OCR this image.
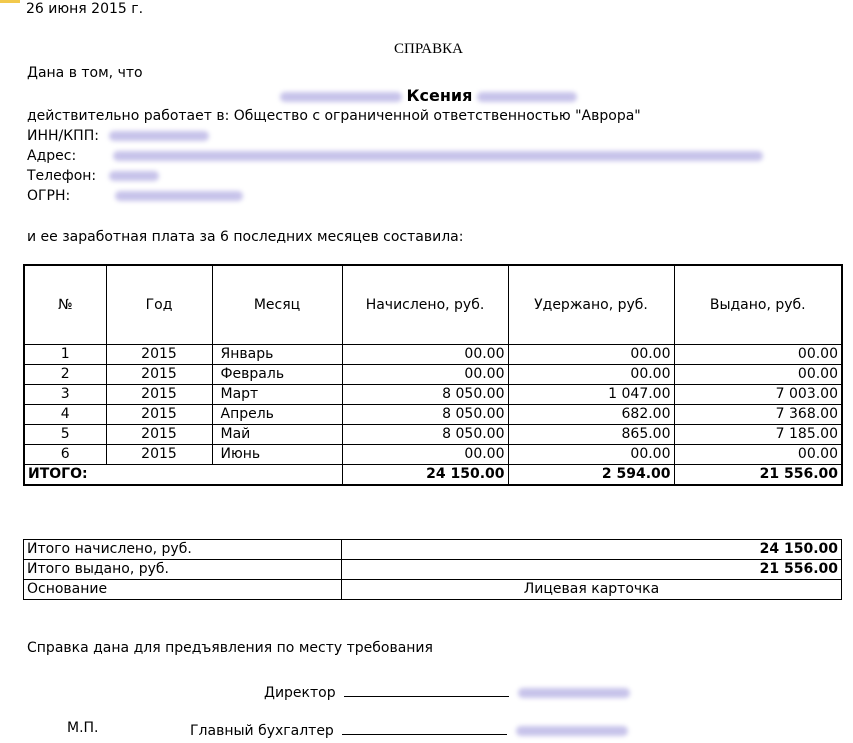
26 июня 2015 г.
СПРАВКА
Дана в том, что
Ксения
действительно работает в: Общество с ограниченной ответственностью "Аврора"
ИНН/КПП:
Адрес:
Телефон:
ОГРН:
и ее заработная плата за 6 последних месяцев составила:
№	Год	Месяц	Начислено, руб.	Удержано, руб.	Выдано, руб.
1	2015	Январь	00.00	00.00	00.00
2	2015	Февраль	00.00	00.00	00.00
3	2015	Март	8 050.00	1 047.00	7 003.00
4	2015	Апрель	8 050.00	682.00	7 368.00
5	2015	Май	8 050.00	865.00	7 185.00
6	2015	Июнь	00.00	00.00	00.00
ИТОГО:			24 150.00	2 594.00	21 556.00
Итого начислено, руб.	24 150.00
Итого выдано, руб.	21 556.00
Основание	Лицевая карточка
Справка дана для предъявления по месту требования
Директор
М.П.	Главный бухгалтер
